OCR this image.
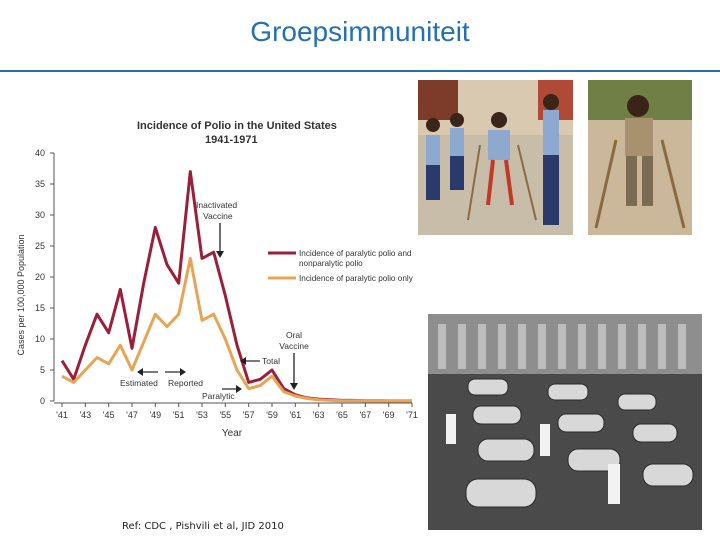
Groepsimmuniteit
Incidence of Polio in the United States
1941-1971
Cases per 100,000 Population
Year
0
5
10
15
20
25
30
35
40
'41 '43 '45 '47 '49 '51 '53 '55 '57 '59 '61 '63 '65 '67 '69 '71
Inactivated
Vaccine
Oral
Vaccine
Total
Estimated Reported
Paralytic
Incidence of paralytic polio and nonparalytic polio
Incidence of paralytic polio only
Ref: CDC , Pishvili et al, JID 2010
